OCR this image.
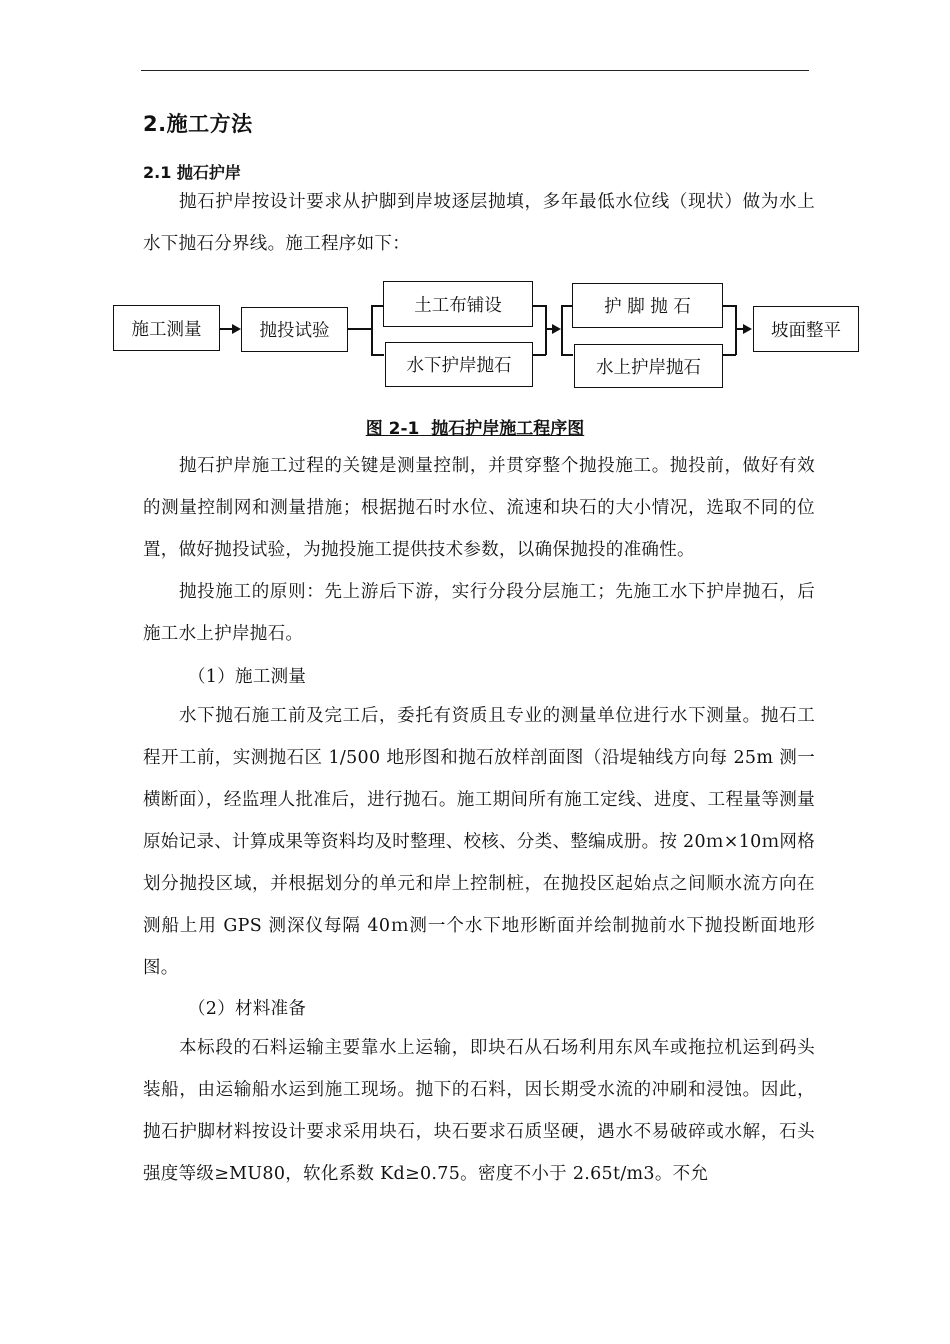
2.施工方法
2.1 抛石护岸
抛石护岸按设计要求从护脚到岸坡逐层抛填，多年最低水位线（现状）做为水上水下抛石分界线。施工程序如下：
施工测量	抛投试验
土工布铺设
水下护岸抛石
护 脚 抛 石
水上护岸抛石
坡面整平
图 2-1 抛石护岸施工程序图
抛石护岸施工过程的关键是测量控制，并贯穿整个抛投施工。抛投前，做好有效的测量控制网和测量措施；根据抛石时水位、流速和块石的大小情况，选取不同的位置，做好抛投试验，为抛投施工提供技术参数，以确保抛投的准确性。
抛投施工的原则：先上游后下游，实行分段分层施工；先施工水下护岸抛石，后施工水上护岸抛石。
（1）施工测量
水下抛石施工前及完工后，委托有资质且专业的测量单位进行水下测量。抛石工程开工前，实测抛石区 1/500 地形图和抛石放样剖面图（沿堤轴线方向每 25m 测一横断面），经监理人批准后，进行抛石。施工期间所有施工定线、进度、工程量等测量原始记录、计算成果等资料均及时整理、校核、分类、整编成册。按 20ｍ×10ｍ网格划分抛投区域，并根据划分的单元和岸上控制桩，在抛投区起始点之间顺水流方向在测船上用 GPS 测深仪每隔 40ｍ测一个水下地形断面并绘制抛前水下抛投断面地形图。
（2）材料准备
本标段的石料运输主要靠水上运输，即块石从石场利用东风车或拖拉机运到码头装船，由运输船水运到施工现场。抛下的石料，因长期受水流的冲刷和浸蚀。因此，抛石护脚材料按设计要求采用块石，块石要求石质坚硬，遇水不易破碎或水解，石头强度等级≥MU80，软化系数 Kd≥0.75。密度不小于 2.65t/m3。不允
